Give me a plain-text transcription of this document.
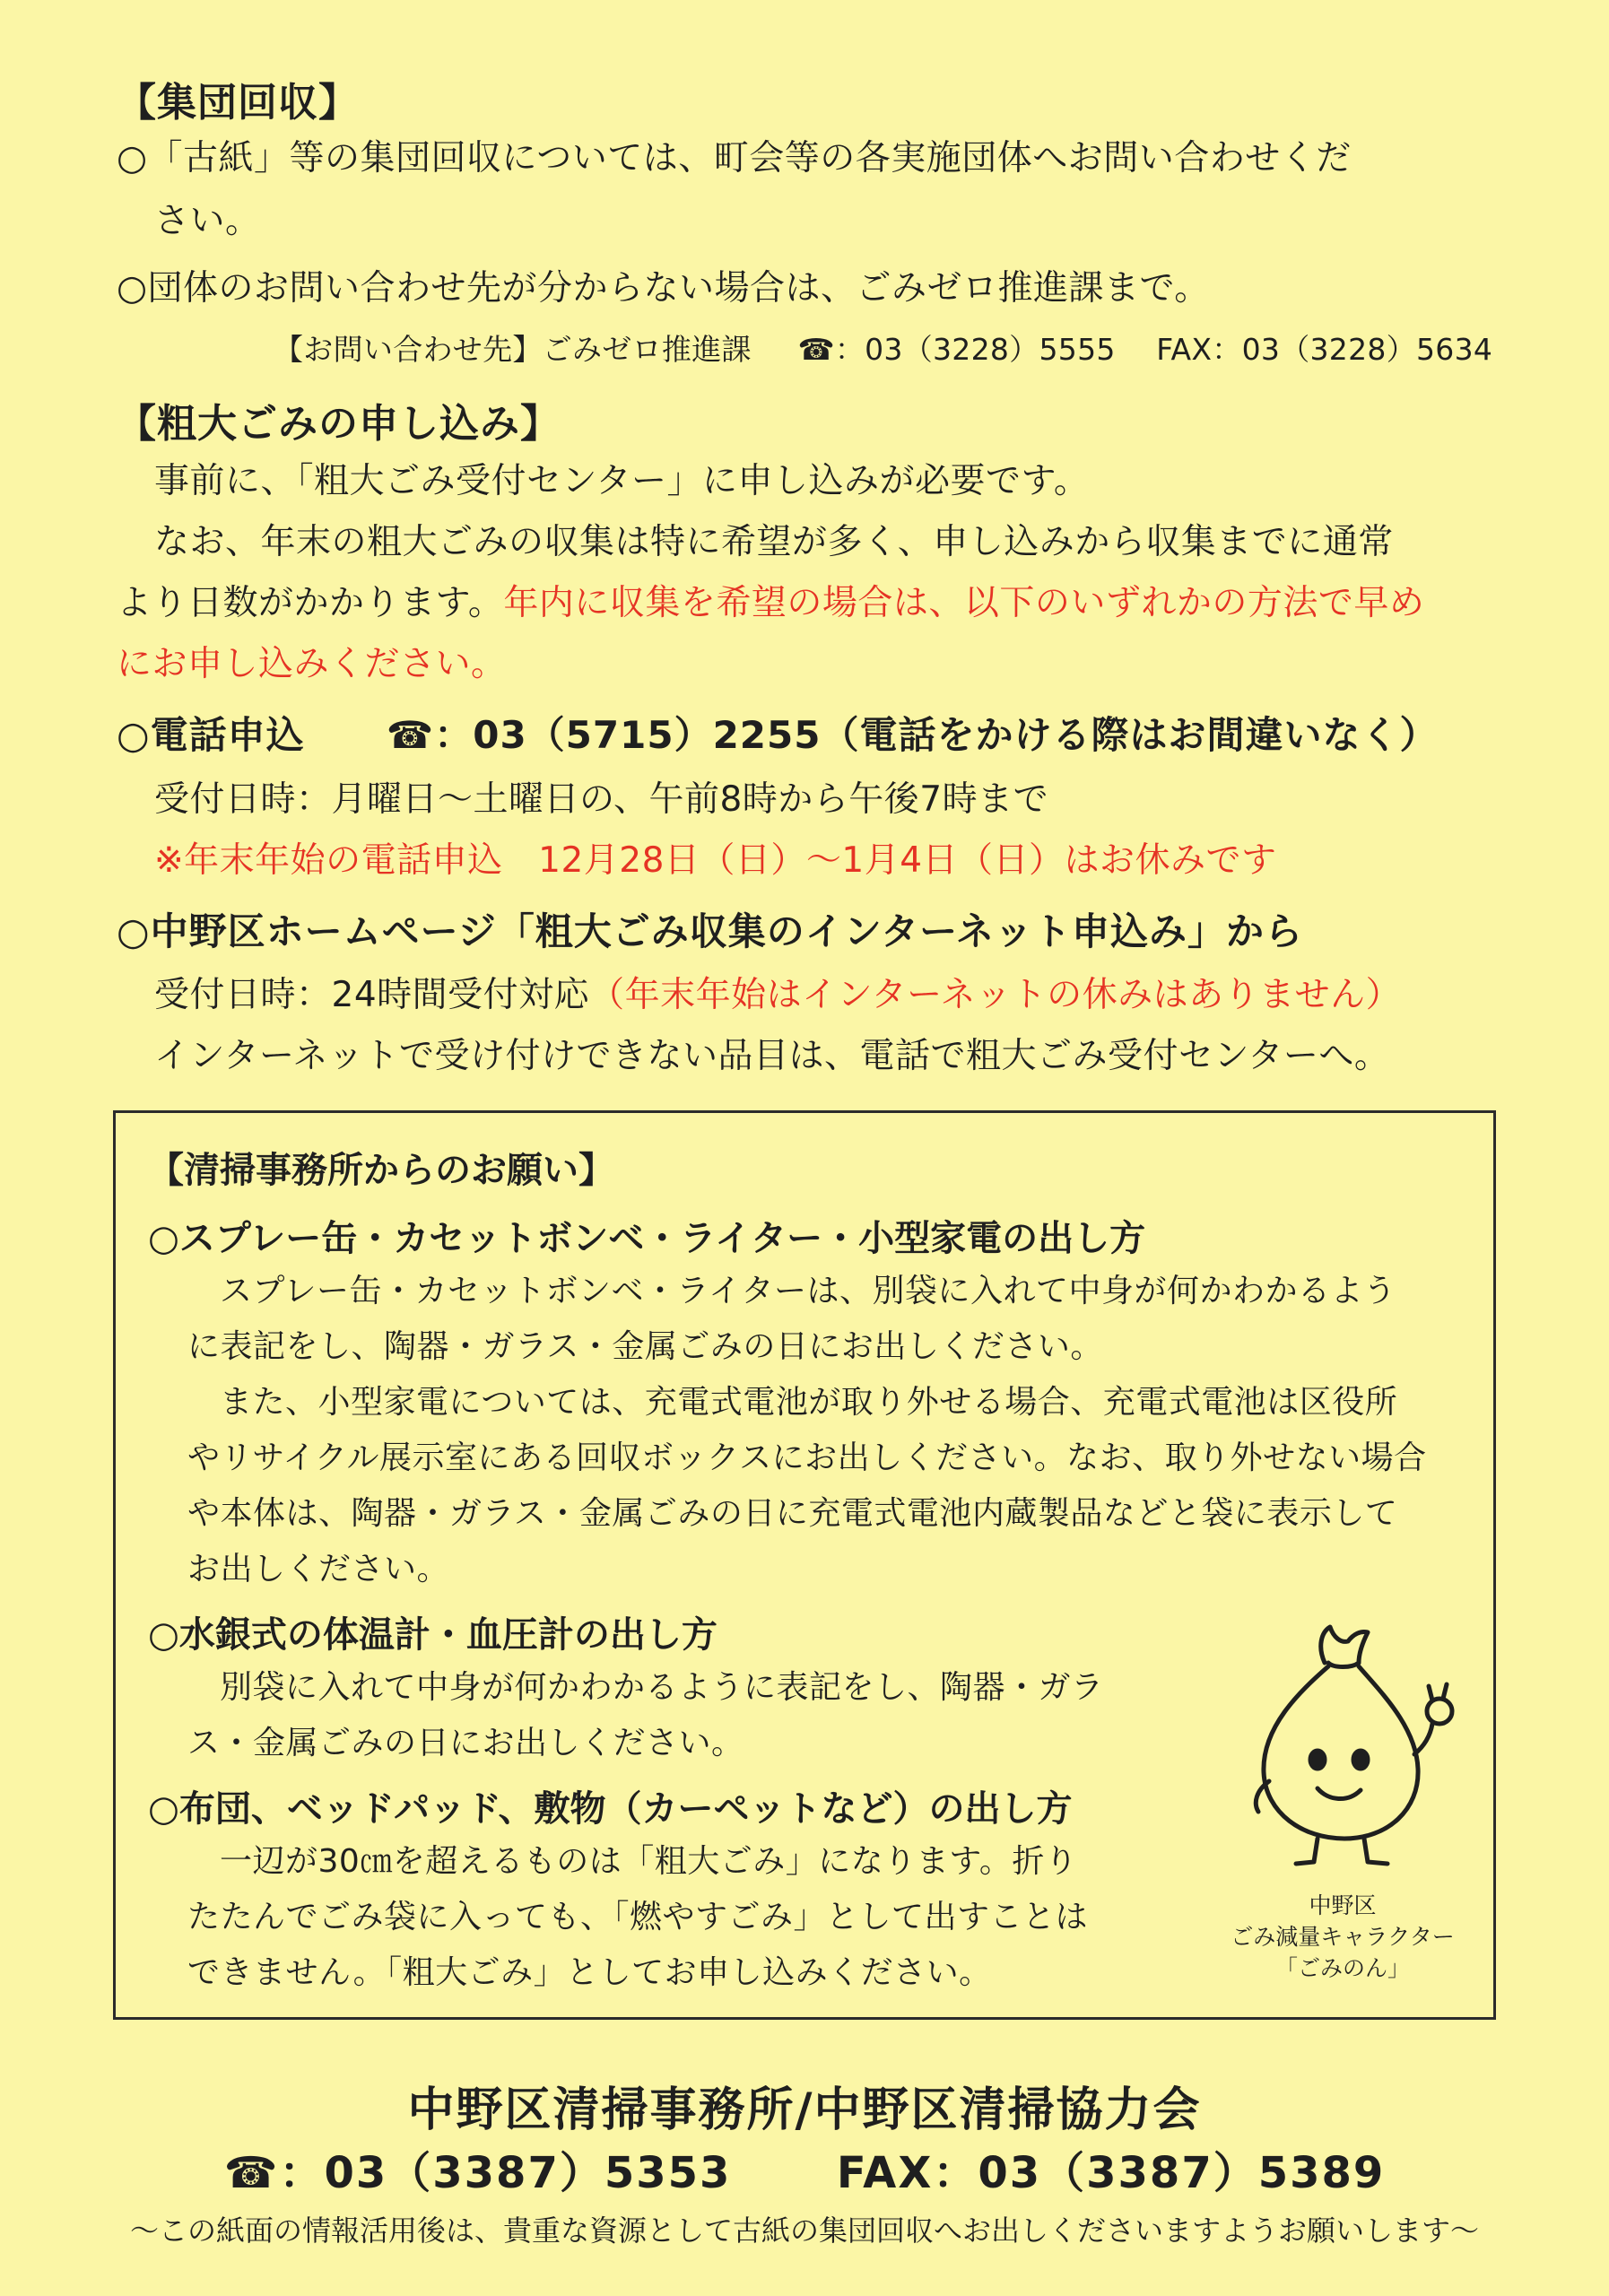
【集団回収】
○「古紙」等の集団回収については、町会等の各実施団体へお問い合わせくだ
さい。
○団体のお問い合わせ先が分からない場合は、ごみゼロ推進課まで。
【お問い合わせ先】ごみゼロ推進課 ☎：03（3228）5555 FAX：03（3228）5634
【粗大ごみの申し込み】
事前に、「粗大ごみ受付センター」に申し込みが必要です。
なお、年末の粗大ごみの収集は特に希望が多く、申し込みから収集までに通常
より日数がかかります。年内に収集を希望の場合は、以下のいずれかの方法で早め
にお申し込みください。
○電話申込 ☎：03（5715）2255（電話をかける際はお間違いなく）
受付日時：月曜日～土曜日の、午前8時から午後7時まで
※年末年始の電話申込　12月28日（日）～1月4日（日）はお休みです
○中野区ホームページ「粗大ごみ収集のインターネット申込み」から
受付日時：24時間受付対応（年末年始はインターネットの休みはありません）
インターネットで受け付けできない品目は、電話で粗大ごみ受付センターへ。
【清掃事務所からのお願い】
○スプレー缶・カセットボンベ・ライター・小型家電の出し方
スプレー缶・カセットボンベ・ライターは、別袋に入れて中身が何かわかるよう
に表記をし、陶器・ガラス・金属ごみの日にお出しください。
また、小型家電については、充電式電池が取り外せる場合、充電式電池は区役所
やリサイクル展示室にある回収ボックスにお出しください。なお、取り外せない場合
や本体は、陶器・ガラス・金属ごみの日に充電式電池内蔵製品などと袋に表示して
お出しください。
○水銀式の体温計・血圧計の出し方
別袋に入れて中身が何かわかるように表記をし、陶器・ガラ
ス・金属ごみの日にお出しください。
○布団、ベッドパッド、敷物（カーペットなど）の出し方
一辺が30㎝を超えるものは「粗大ごみ」になります。折り
たたんでごみ袋に入っても、「燃やすごみ」として出すことは
できません。「粗大ごみ」としてお申し込みください。
中野区
ごみ減量キャラクター
「ごみのん」
中野区清掃事務所/中野区清掃協力会
☎：03（3387）5353 FAX：03（3387）5389
～この紙面の情報活用後は、貴重な資源として古紙の集団回収へお出しくださいますようお願いします～
